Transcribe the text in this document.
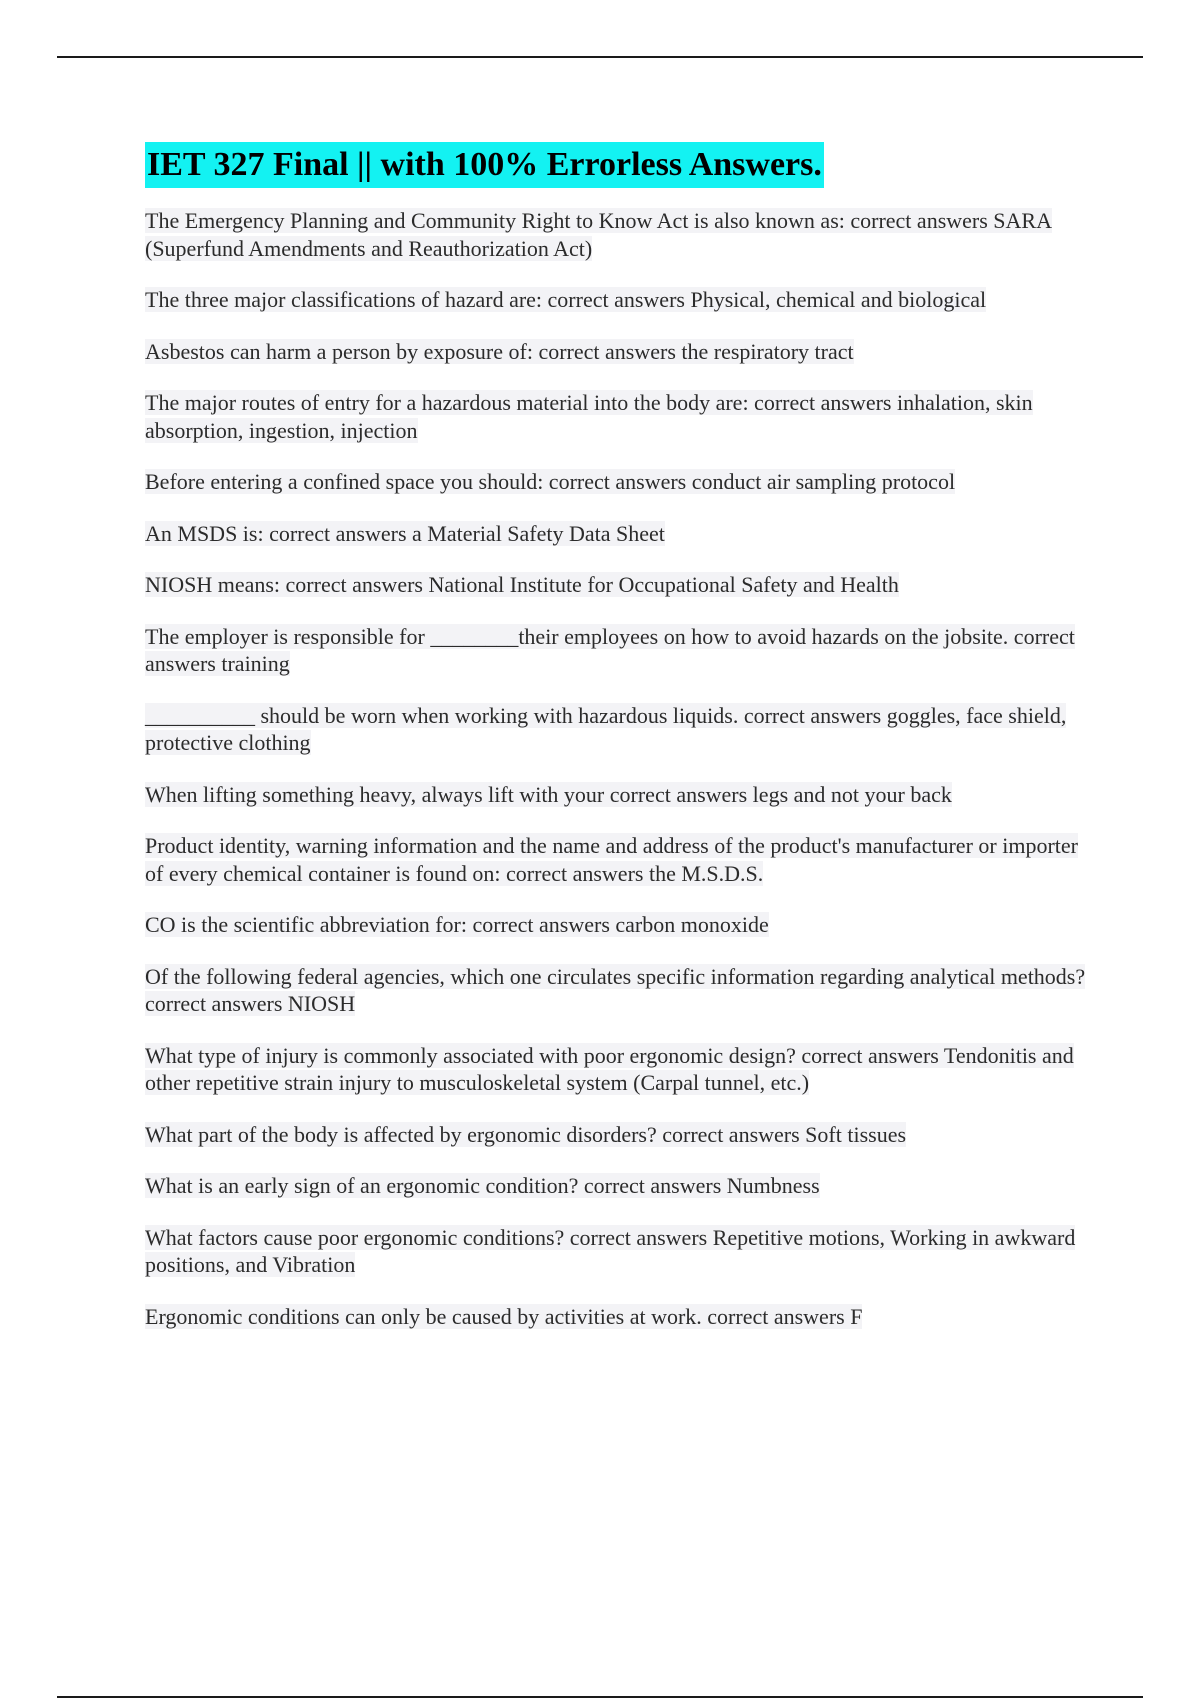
IET 327 Final || with 100% Errorless Answers.

The Emergency Planning and Community Right to Know Act is also known as: correct answers SARA (Superfund Amendments and Reauthorization Act)

The three major classifications of hazard are: correct answers Physical, chemical and biological

Asbestos can harm a person by exposure of: correct answers the respiratory tract

The major routes of entry for a hazardous material into the body are: correct answers inhalation, skin absorption, ingestion, injection

Before entering a confined space you should: correct answers conduct air sampling protocol

An MSDS is: correct answers a Material Safety Data Sheet

NIOSH means: correct answers National Institute for Occupational Safety and Health

The employer is responsible for ________their employees on how to avoid hazards on the jobsite. correct answers training

__________ should be worn when working with hazardous liquids. correct answers goggles, face shield, protective clothing

When lifting something heavy, always lift with your correct answers legs and not your back

Product identity, warning information and the name and address of the product's manufacturer or importer of every chemical container is found on: correct answers the M.S.D.S.

CO is the scientific abbreviation for: correct answers carbon monoxide

Of the following federal agencies, which one circulates specific information regarding analytical methods? correct answers NIOSH

What type of injury is commonly associated with poor ergonomic design? correct answers Tendonitis and other repetitive strain injury to musculoskeletal system (Carpal tunnel, etc.)

What part of the body is affected by ergonomic disorders? correct answers Soft tissues

What is an early sign of an ergonomic condition? correct answers Numbness

What factors cause poor ergonomic conditions? correct answers Repetitive motions, Working in awkward positions, and Vibration

Ergonomic conditions can only be caused by activities at work. correct answers F
